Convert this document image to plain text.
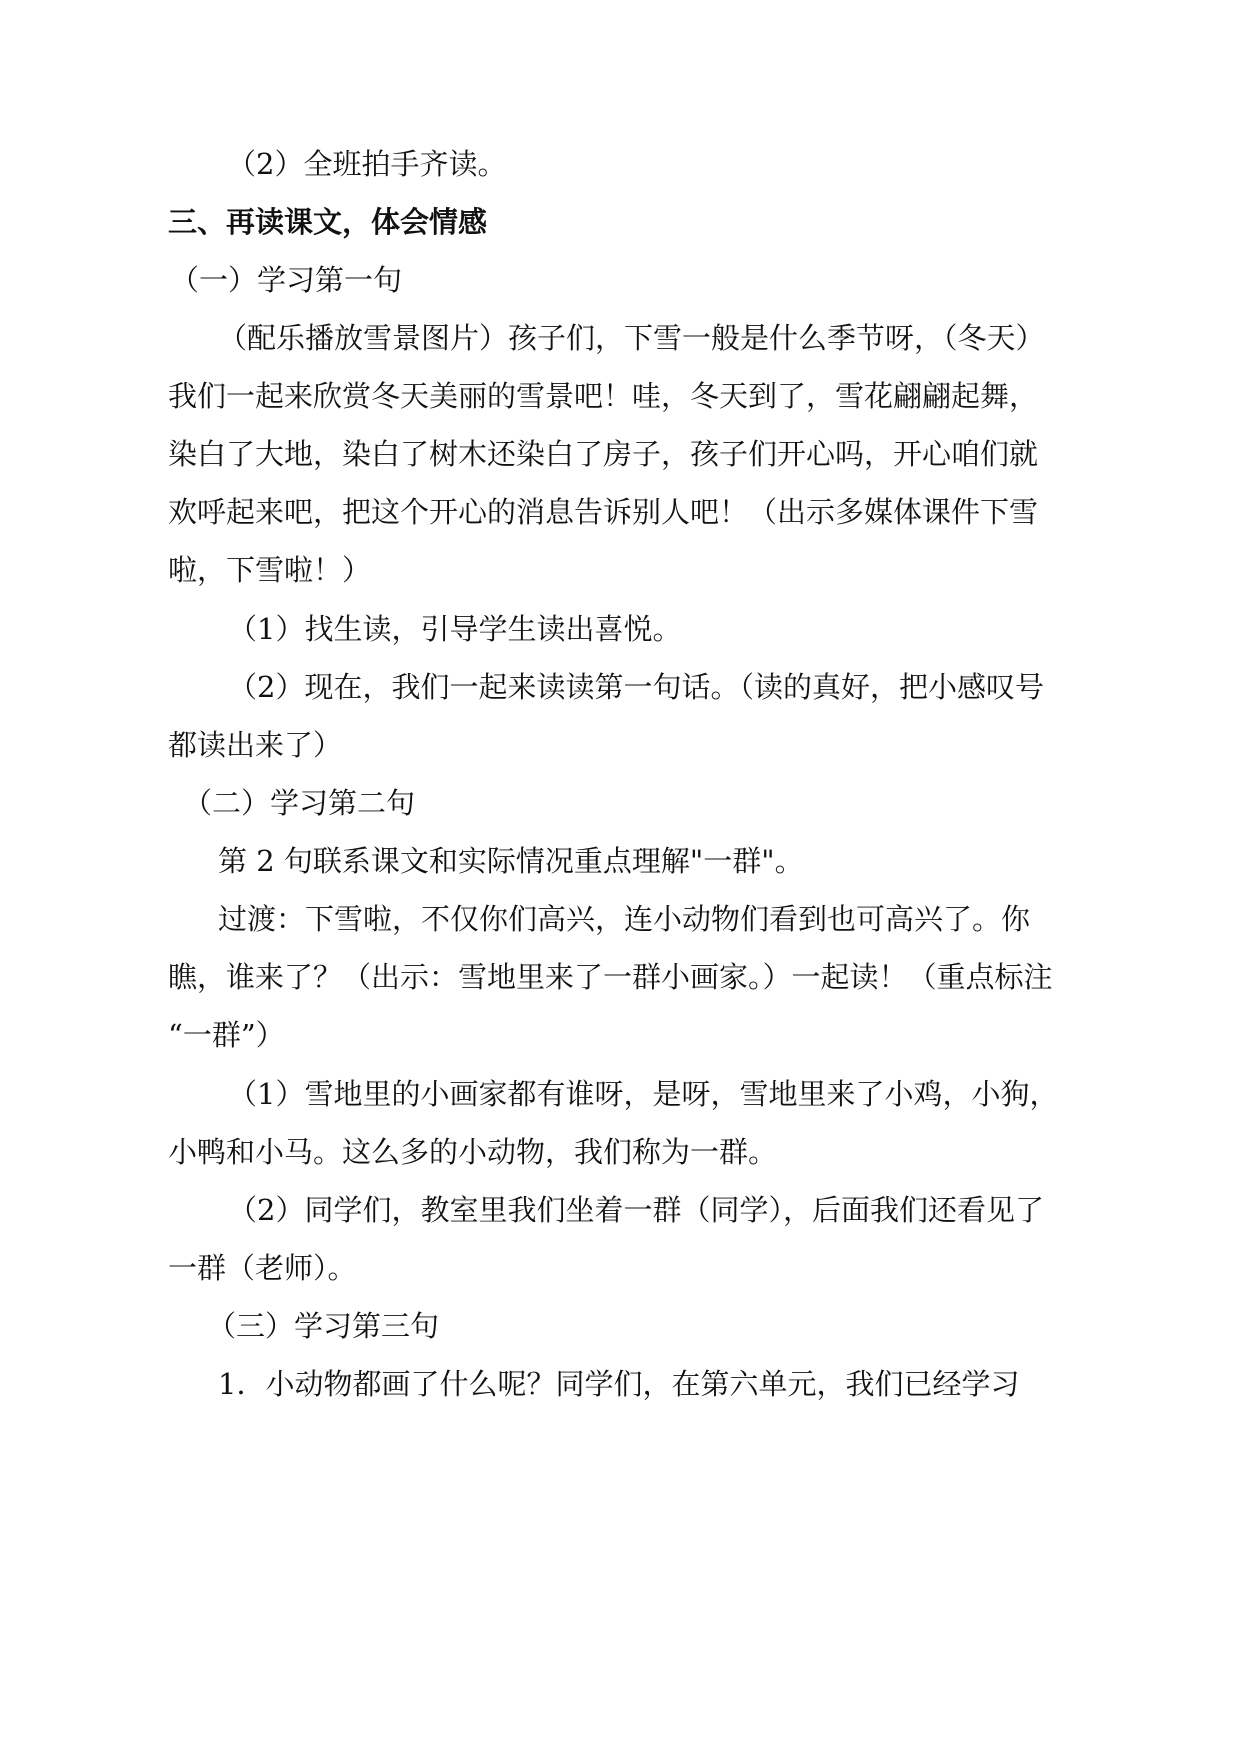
（2）全班拍手齐读。
三、再读课文，体会情感
（一）学习第一句
（配乐播放雪景图片）孩子们，下雪一般是什么季节呀，（冬天）
我们一起来欣赏冬天美丽的雪景吧！哇，冬天到了，雪花翩翩起舞，
染白了大地，染白了树木还染白了房子，孩子们开心吗，开心咱们就
欢呼起来吧，把这个开心的消息告诉别人吧！（出示多媒体课件下雪
啦，下雪啦！）
（1）找生读，引导学生读出喜悦。
（2）现在，我们一起来读读第一句话。（读的真好，把小感叹号
都读出来了）
（二）学习第二句
第 2 句联系课文和实际情况重点理解"一群"。
过渡：下雪啦，不仅你们高兴，连小动物们看到也可高兴了。你
瞧，谁来了？（出示：雪地里来了一群小画家。）一起读！（重点标注
“一群”）
（1）雪地里的小画家都有谁呀，是呀，雪地里来了小鸡，小狗，
小鸭和小马。这么多的小动物，我们称为一群。
（2）同学们，教室里我们坐着一群（同学），后面我们还看见了
一群（老师）。
（三）学习第三句
1．小动物都画了什么呢？同学们，在第六单元，我们已经学习
